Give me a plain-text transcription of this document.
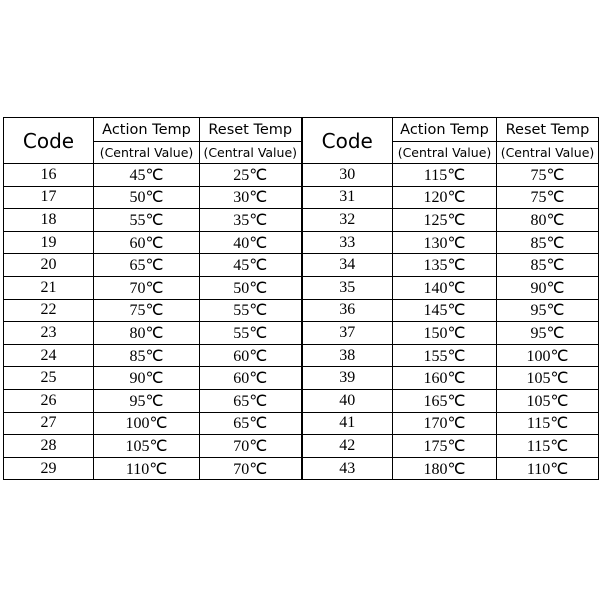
Code	Action Temp	Reset Temp	Code	Action Temp	Reset Temp
	(Central Value)	(Central Value)		(Central Value)	(Central Value)
16	45℃	25℃	30	115℃	75℃
17	50℃	30℃	31	120℃	75℃
18	55℃	35℃	32	125℃	80℃
19	60℃	40℃	33	130℃	85℃
20	65℃	45℃	34	135℃	85℃
21	70℃	50℃	35	140℃	90℃
22	75℃	55℃	36	145℃	95℃
23	80℃	55℃	37	150℃	95℃
24	85℃	60℃	38	155℃	100℃
25	90℃	60℃	39	160℃	105℃
26	95℃	65℃	40	165℃	105℃
27	100℃	65℃	41	170℃	115℃
28	105℃	70℃	42	175℃	115℃
29	110℃	70℃	43	180℃	110℃
